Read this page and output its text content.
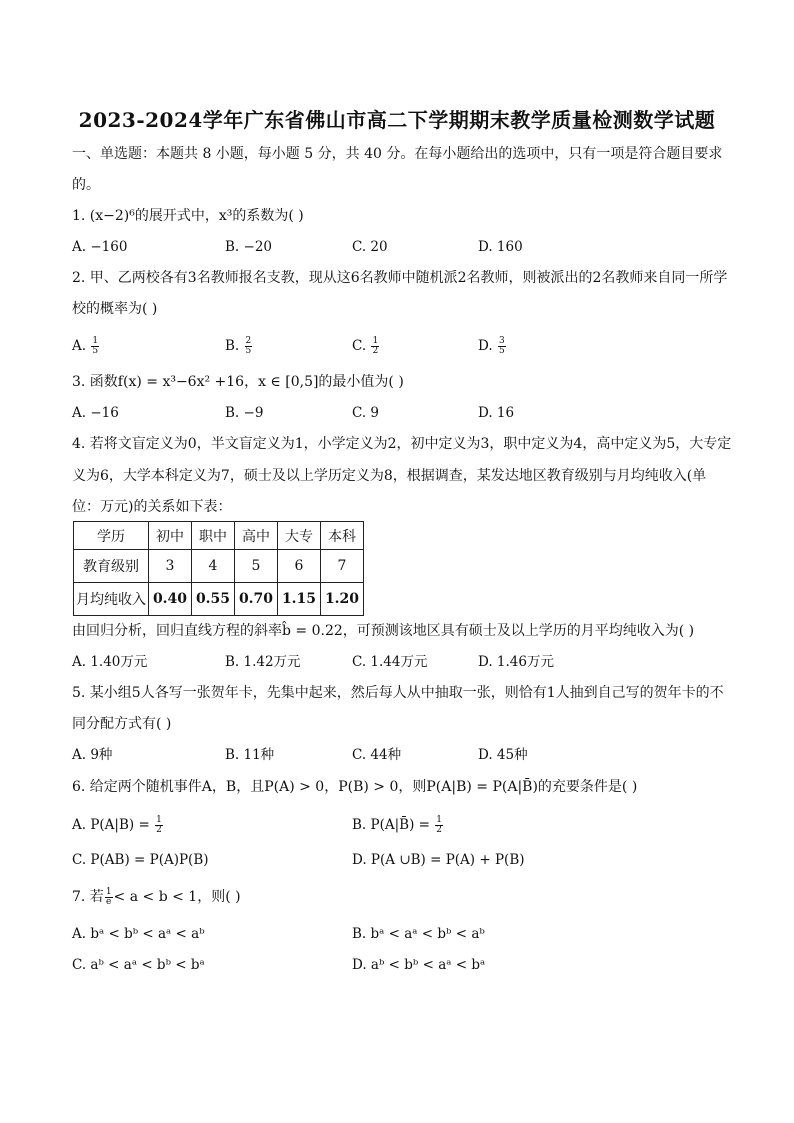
2023-2024学年广东省佛山市高二下学期期末教学质量检测数学试题
一、单选题：本题共 8 小题，每小题 5 分，共 40 分。在每小题给出的选项中，只有一项是符合题目要求
的。
1. (x−2)⁶的展开式中，x³的系数为( )
A. −160	B. −20	C. 20	D. 160
2. 甲、乙两校各有3名教师报名支教，现从这6名教师中随机派2名教师，则被派出的2名教师来自同一所学
校的概率为( )
A. $\frac{1}{5}$	B. $\frac{2}{5}$	C. $\frac{1}{2}$	D. $\frac{3}{5}$
3. 函数f(x) = x³−6x² +16，x ∈ [0,5]的最小值为( )
A. −16	B. −9	C. 9	D. 16
4. 若将文盲定义为0，半文盲定义为1，小学定义为2，初中定义为3，职中定义为4，高中定义为5，大专定
义为6，大学本科定义为7，硕士及以上学历定义为8，根据调查，某发达地区教育级别与月均纯收入(单
位：万元)的关系如下表：
学历	初中	职中	高中	大专	本科
教育级别	3	4	5	6	7
月均纯收入	0.40	0.55	0.70	1.15	1.20
由回归分析，回归直线方程的斜率b̂ = 0.22，可预测该地区具有硕士及以上学历的月平均纯收入为( )
A. 1.40万元	B. 1.42万元	C. 1.44万元	D. 1.46万元
5. 某小组5人各写一张贺年卡，先集中起来，然后每人从中抽取一张，则恰有1人抽到自己写的贺年卡的不
同分配方式有( )
A. 9种	B. 11种	C. 44种	D. 45种
6. 给定两个随机事件A，B，且P(A) > 0，P(B) > 0，则P(A|B) = P(A|B̄)的充要条件是( )
A. $P(A|B) = \frac{1}{2}$	B. P(A|B̄) = $\frac{1}{2}$
C. P(AB) = P(A)P(B)	D. P(A ∪B) = P(A) + P(B)
7. 若 $\frac{1}{e} < a < b < 1$，则( )
A. bᵃ < bᵇ < aᵃ < aᵇ	B. bᵃ < aᵃ < bᵇ < aᵇ
C. aᵇ < aᵃ < bᵇ < bᵃ	D. aᵇ < bᵇ < aᵃ < bᵃ
